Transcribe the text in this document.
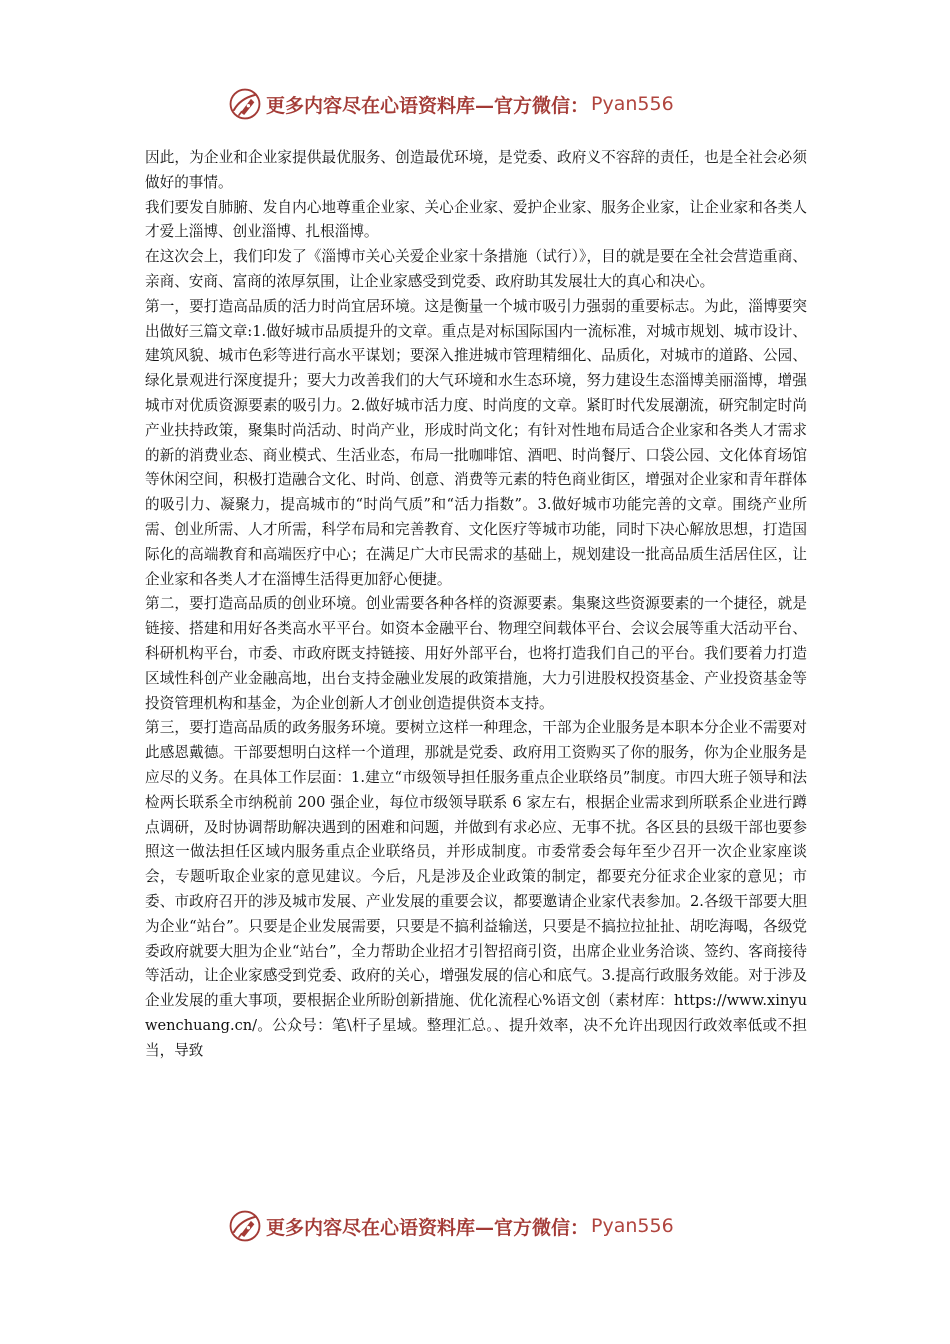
更多内容尽在心语资料库—官方微信： Pyan556

因此，为企业和企业家提供最优服务、创造最优环境，是党委、政府义不容辞的责任，也是全社会必须做好的事情。

我们要发自肺腑、发自内心地尊重企业家、关心企业家、爱护企业家、服务企业家，让企业家和各类人才爱上淄博、创业淄博、扎根淄博。

在这次会上，我们印发了《淄博市关心关爱企业家十条措施（试行）》，目的就是要在全社会营造重商、亲商、安商、富商的浓厚氛围，让企业家感受到党委、政府助其发展壮大的真心和决心。

第一，要打造高品质的活力时尚宜居环境。这是衡量一个城市吸引力强弱的重要标志。为此，淄博要突出做好三篇文章:1.做好城市品质提升的文章。重点是对标国际国内一流标准，对城市规划、城市设计、建筑风貌、城市色彩等进行高水平谋划；要深入推进城市管理精细化、品质化，对城市的道路、公园、绿化景观进行深度提升；要大力改善我们的大气环境和水生态环境，努力建设生态淄博美丽淄博，增强城市对优质资源要素的吸引力。2.做好城市活力度、时尚度的文章。紧盯时代发展潮流，研究制定时尚产业扶持政策，聚集时尚活动、时尚产业，形成时尚文化；有针对性地布局适合企业家和各类人才需求的新的消费业态、商业模式、生活业态，布局一批咖啡馆、酒吧、时尚餐厅、口袋公园、文化体育场馆等休闲空间，积极打造融合文化、时尚、创意、消费等元素的特色商业街区，增强对企业家和青年群体的吸引力、凝聚力，提高城市的“时尚气质”和“活力指数”。3.做好城市功能完善的文章。围绕产业所需、创业所需、人才所需，科学布局和完善教育、文化医疗等城市功能，同时下决心解放思想，打造国际化的高端教育和高端医疗中心；在满足广大市民需求的基础上，规划建设一批高品质生活居住区，让企业家和各类人才在淄博生活得更加舒心便捷。

第二，要打造高品质的创业环境。创业需要各种各样的资源要素。集聚这些资源要素的一个捷径，就是链接、搭建和用好各类高水平平台。如资本金融平台、物理空间载体平台、会议会展等重大活动平台、科研机构平台，市委、市政府既支持链接、用好外部平台，也将打造我们自己的平台。我们要着力打造区域性科创产业金融高地，出台支持金融业发展的政策措施，大力引进股权投资基金、产业投资基金等投资管理机构和基金，为企业创新人才创业创造提供资本支持。

第三，要打造高品质的政务服务环境。要树立这样一种理念，干部为企业服务是本职本分企业不需要对此感恩戴德。干部要想明白这样一个道理，那就是党委、政府用工资购买了你的服务，你为企业服务是应尽的义务。在具体工作层面：1.建立“市级领导担任服务重点企业联络员”制度。市四大班子领导和法检两长联系全市纳税前 200 强企业，每位市级领导联系 6 家左右，根据企业需求到所联系企业进行蹲点调研，及时协调帮助解决遇到的困难和问题，并做到有求必应、无事不扰。各区县的县级干部也要参照这一做法担任区域内服务重点企业联络员，并形成制度。市委常委会每年至少召开一次企业家座谈会，专题听取企业家的意见建议。今后，凡是涉及企业政策的制定，都要充分征求企业家的意见；市委、市政府召开的涉及城市发展、产业发展的重要会议，都要邀请企业家代表参加。2.各级干部要大胆为企业“站台”。只要是企业发展需要，只要是不搞利益输送，只要是不搞拉拉扯扯、胡吃海喝，各级党委政府就要大胆为企业“站台”，全力帮助企业招才引智招商引资，出席企业业务洽谈、签约、客商接待等活动，让企业家感受到党委、政府的关心，增强发展的信心和底气。3.提高行政服务效能。对于涉及企业发展的重大事项，要根据企业所盼创新措施、优化流程心%语文创（素材库：https://www.xinyuwenchuang.cn/。公众号：笔\杆子星域。整理汇总。、提升效率，决不允许出现因行政效率低或不担当，导致

更多内容尽在心语资料库—官方微信： Pyan556
